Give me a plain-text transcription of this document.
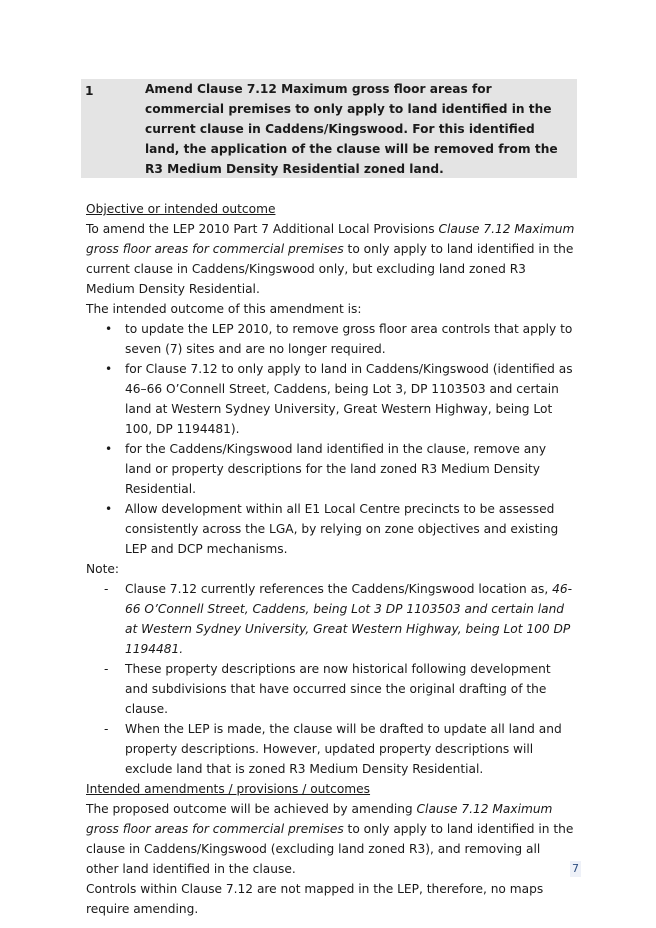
1	Amend Clause 7.12 Maximum gross floor areas for commercial premises to only apply to land identified in the current clause in Caddens/Kingswood. For this identified land, the application of the clause will be removed from the R3 Medium Density Residential zoned land.

Objective or intended outcome

To amend the LEP 2010 Part 7 Additional Local Provisions Clause 7.12 Maximum gross floor areas for commercial premises to only apply to land identified in the current clause in Caddens/Kingswood only, but excluding land zoned R3 Medium Density Residential.

The intended outcome of this amendment is:

• to update the LEP 2010, to remove gross floor area controls that apply to seven (7) sites and are no longer required.
• for Clause 7.12 to only apply to land in Caddens/Kingswood (identified as 46–66 O’Connell Street, Caddens, being Lot 3, DP 1103503 and certain land at Western Sydney University, Great Western Highway, being Lot 100, DP 1194481).
• for the Caddens/Kingswood land identified in the clause, remove any land or property descriptions for the land zoned R3 Medium Density Residential.
• Allow development within all E1 Local Centre precincts to be assessed consistently across the LGA, by relying on zone objectives and existing LEP and DCP mechanisms.

Note:

- Clause 7.12 currently references the Caddens/Kingswood location as, 46-66 O’Connell Street, Caddens, being Lot 3 DP 1103503 and certain land at Western Sydney University, Great Western Highway, being Lot 100 DP 1194481.
- These property descriptions are now historical following development and subdivisions that have occurred since the original drafting of the clause.
- When the LEP is made, the clause will be drafted to update all land and property descriptions. However, updated property descriptions will exclude land that is zoned R3 Medium Density Residential.

Intended amendments / provisions / outcomes

The proposed outcome will be achieved by amending Clause 7.12 Maximum gross floor areas for commercial premises to only apply to land identified in the clause in Caddens/Kingswood (excluding land zoned R3), and removing all other land identified in the clause.

Controls within Clause 7.12 are not mapped in the LEP, therefore, no maps require amending.

7
